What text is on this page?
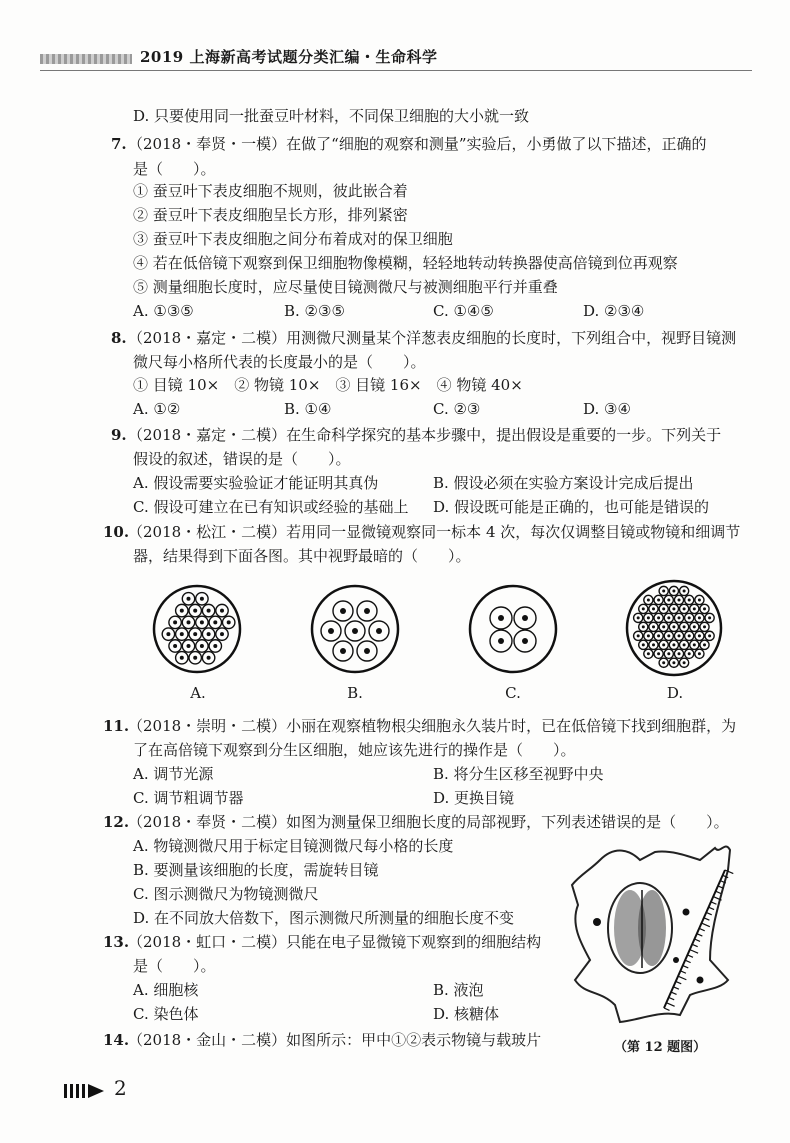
2019 上海新高考试题分类汇编・生命科学
D. 只要使用同一批蚕豆叶材料，不同保卫细胞的大小就一致
7. （2018・奉贤・一模）在做了“细胞的观察和测量”实验后，小勇做了以下描述，正确的
是（　　）。
① 蚕豆叶下表皮细胞不规则，彼此嵌合着
② 蚕豆叶下表皮细胞呈长方形，排列紧密
③ 蚕豆叶下表皮细胞之间分布着成对的保卫细胞
④ 若在低倍镜下观察到保卫细胞物像模糊，轻轻地转动转换器使高倍镜到位再观察
⑤ 测量细胞长度时，应尽量使目镜测微尺与被测细胞平行并重叠
A. ①③⑤	B. ②③⑤	C. ①④⑤	D. ②③④
8. （2018・嘉定・二模）用测微尺测量某个洋葱表皮细胞的长度时，下列组合中，视野目镜测
微尺每小格所代表的长度最小的是（　　）。
① 目镜 10×　② 物镜 10×　③ 目镜 16×　④ 物镜 40×
A. ①②	B. ①④	C. ②③	D. ③④
9. （2018・嘉定・二模）在生命科学探究的基本步骤中，提出假设是重要的一步。下列关于
假设的叙述，错误的是（　　）。
A. 假设需要实验验证才能证明其真伪	B. 假设必须在实验方案设计完成后提出
C. 假设可建立在已有知识或经验的基础上 D. 假设既可能是正确的，也可能是错误的
10.
（2018・松江・二模）若用同一显微镜观察同一标本 4 次，每次仅调整目镜或物镜和细调节
器，结果得到下面各图。其中视野最暗的（　　）。
A.	B.	C.	D.
11.
（2018・崇明・二模）小丽在观察植物根尖细胞永久装片时，已在低倍镜下找到细胞群，为
了在高倍镜下观察到分生区细胞，她应该先进行的操作是（　　）。
A. 调节光源	B. 将分生区移至视野中央
C. 调节粗调节器	D. 更换目镜
12.
（2018・奉贤・二模）如图为测量保卫细胞长度的局部视野，下列表述错误的是（　　）。
A. 物镜测微尺用于标定目镜测微尺每小格的长度
B. 要测量该细胞的长度，需旋转目镜
C. 图示测微尺为物镜测微尺
D. 在不同放大倍数下，图示测微尺所测量的细胞长度不变
13.
（2018・虹口・二模）只能在电子显微镜下观察到的细胞结构
是（　　）。
A. 细胞核	B. 液泡
C. 染色体	D. 核糖体
14.
（2018・金山・二模）如图所示：甲中①②表示物镜与载玻片	（第 12 题图）
2
